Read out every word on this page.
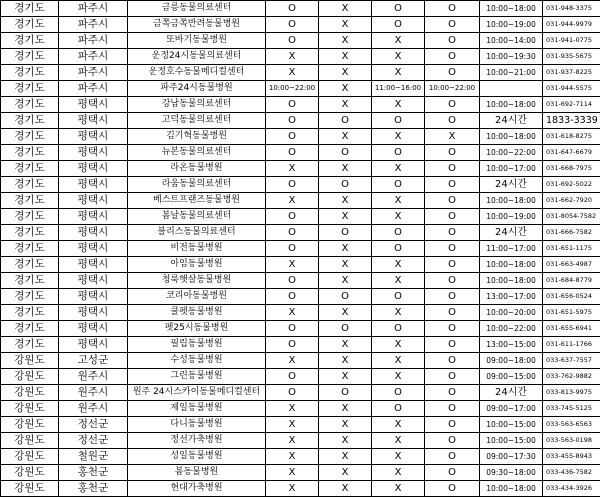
경기도	파주시	금릉동물의료센터	O	X	O	O	10:00~18:00	031-948-3375
경기도	파주시	금쪽금쪽반려동물병원	O	X	O	O	10:00~19:00	031-944-9979
경기도	파주시	또바기동물병원	O	X	X	O	10:00~14:00	031-941-0775
경기도	파주시	운정24시동물의료센터	X	X	X	O	10:00~19:30	031-935-5675
경기도	파주시	운정호수동물메디컬센터	X	X	X	O	10:00~21:00	031-937-8225
경기도	파주시	파주24시동물병원	10:00~22:00	X	11:00~16:00	10:00~22:00		031-944-5575
경기도	평택시	강남동물의료센터	O	X	X	O	10:00~18:00	031-692-7114
경기도	평택시	고덕동물의료센터	O	O	O	O	24시간	1833-3339
경기도	평택시	김기혁동물병원	O	X	X	X	10:00~18:00	031-618-8275
경기도	평택시	뉴본동물의료센터	O	O	O	O	10:00~22:00	031-647-6679
경기도	평택시	라온동물병원	X	X	X	O	10:00~17:00	031-668-7975
경기도	평택시	라움동물의료센터	O	O	O	O	24시간	031-692-5022
경기도	평택시	베스트프랜즈동물병원	X	X	X	O	10:00~18:00	031-662-7920
경기도	평택시	봄날동물의료센터	O	X	X	O	10:00~19:00	031-8054-7582
경기도	평택시	블리스동물의료센터	O	O	O	O	24시간	031-666-7582
경기도	평택시	비전동물병원	O	X	O	O	11:00~17:00	031-651-1175
경기도	평택시	아임동물병원	X	X	X	O	10:00~18:00	031-663-4987
경기도	평택시	청룩햇살동물병원	O	X	X	O	10:00~18:00	031-684-8779
경기도	평택시	코리아동물병원	O	O	O	O	13:00~17:00	031-656-0524
경기도	평택시	쿨펫동물병원	X	X	X	O	10:00~20:00	031-651-5975
경기도	평택시	펫25시동물병원	O	O	O	O	10:00~22:00	031-655-6941
경기도	평택시	필립동물병원	O	X	X	O	13:00~15:00	031-611-1766
강원도	고성군	수성동물병원	X	X	X	O	09:00~18:00	033-637-7557
강원도	원주시	그린동물병원	O	X	X	O	09:00~15:00	033-762-9882
강원도	원주시	원주 24시스카이동물메디컬센터	O	O	O	O	24시간	033-813-9975
강원도	원주시	제일동물병원	X	X	O	O	09:00~17:00	033-745-5125
강원도	정선군	다니동물병원	X	X	X	O	10:00~15:00	033-563-6563
강원도	정선군	정선가축병원	X	X	X	O	10:00~15:00	033-563-0198
강원도	철원군	성일동물병원	X	X	X	O	09:00~17:30	033-455-8943
강원도	홍천군	봄동물병원	X	X	X	O	09:30~18:00	033-436-7582
강원도	홍천군	현대가축병원	X	X	X	O	10:00~18:00	033-434-3926
